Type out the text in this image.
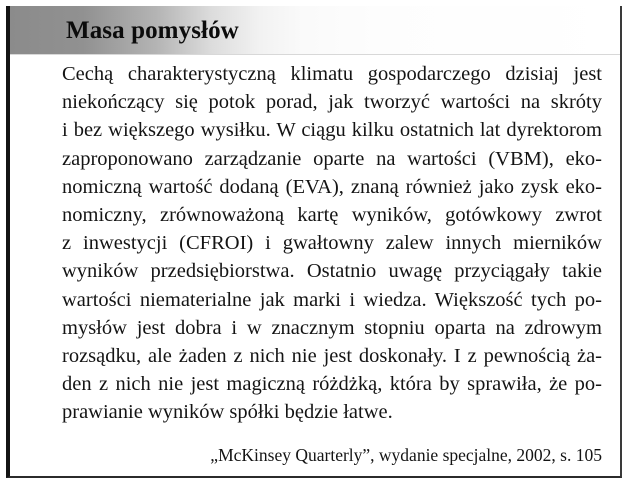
Masa pomysłów
Cechą charakterystyczną klimatu gospodarczego dzisiaj jest
niekończący się potok porad, jak tworzyć wartości na skróty
i bez większego wysiłku. W ciągu kilku ostatnich lat dyrektorom
zaproponowano zarządzanie oparte na wartości (VBM), eko-
nomiczną wartość dodaną (EVA), znaną również jako zysk eko-
nomiczny, zrównoważoną kartę wyników, gotówkowy zwrot
z inwestycji (CFROI) i gwałtowny zalew innych mierników
wyników przedsiębiorstwa. Ostatnio uwagę przyciągały takie
wartości niematerialne jak marki i wiedza. Większość tych po-
mysłów jest dobra i w znacznym stopniu oparta na zdrowym
rozsądku, ale żaden z nich nie jest doskonały. I z pewnością ża-
den z nich nie jest magiczną różdżką, która by sprawiła, że po-
prawianie wyników spółki będzie łatwe.
„McKinsey Quarterly”, wydanie specjalne, 2002, s. 105
